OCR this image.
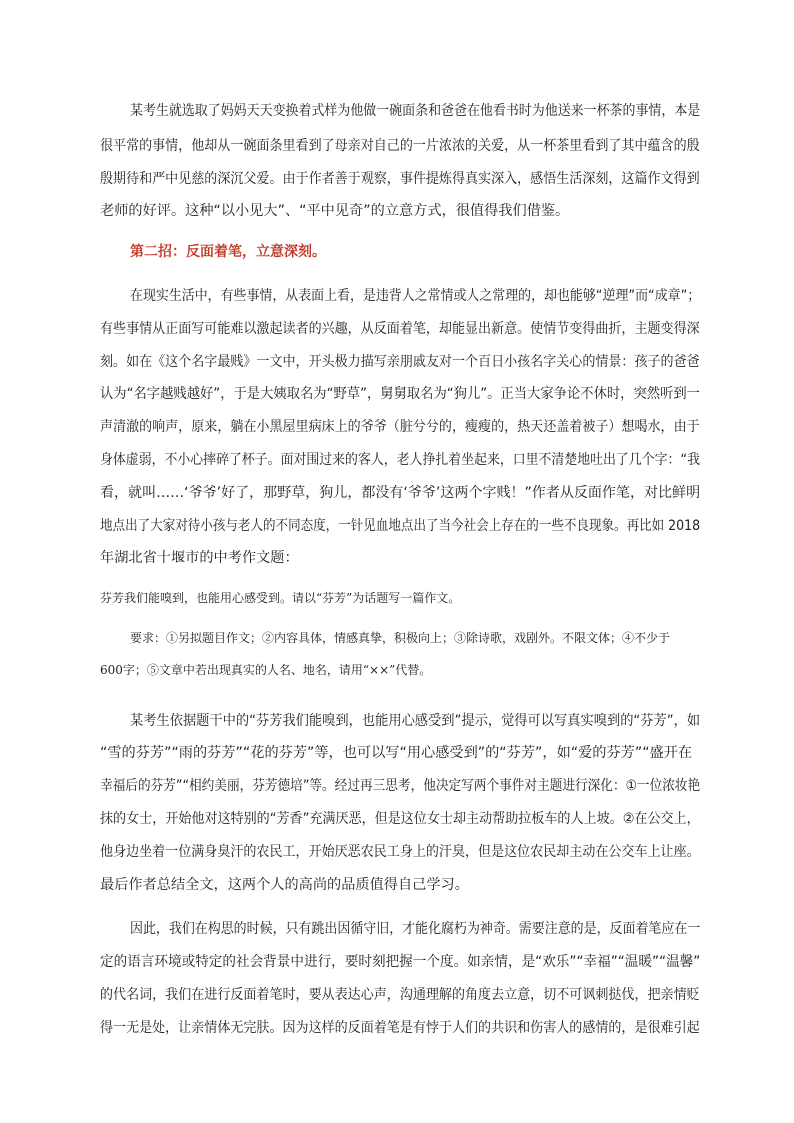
某考生就选取了妈妈天天变换着式样为他做一碗面条和爸爸在他看书时为他送来一杯茶的事情，本是
很平常的事情，他却从一碗面条里看到了母亲对自己的一片浓浓的关爱，从一杯茶里看到了其中蕴含的殷
殷期待和严中见慈的深沉父爱。由于作者善于观察，事件提炼得真实深入，感悟生活深刻，这篇作文得到
老师的好评。这种“以小见大”、“平中见奇”的立意方式，很值得我们借鉴。
第二招：反面着笔，立意深刻。
在现实生活中，有些事情，从表面上看，是违背人之常情或人之常理的，却也能够“逆理”而“成章”；
有些事情从正面写可能难以激起读者的兴趣，从反面着笔，却能显出新意。使情节变得曲折，主题变得深
刻。如在《这个名字最贱》一文中，开头极力描写亲朋戚友对一个百日小孩名字关心的情景：孩子的爸爸
认为“名字越贱越好”，于是大姨取名为“野草”，舅舅取名为“狗儿”。正当大家争论不休时，突然听到一
声清澈的响声，原来，躺在小黑屋里病床上的爷爷（脏兮兮的，瘦瘦的，热天还盖着被子）想喝水，由于
身体虚弱，不小心摔碎了杯子。面对围过来的客人，老人挣扎着坐起来，口里不清楚地吐出了几个字：“我
看，就叫……‘爷爷’好了，那野草，狗儿，都没有‘爷爷’这两个字贱！”作者从反面作笔，对比鲜明
地点出了大家对待小孩与老人的不同态度，一针见血地点出了当今社会上存在的一些不良现象。再比如 2018
年湖北省十堰市的中考作文题：
芬芳我们能嗅到，也能用心感受到。请以“芬芳”为话题写一篇作文。
要求：①另拟题目作文；②内容具体，情感真挚，积极向上；③除诗歌，戏剧外。不限文体；④不少于
600字；⑤文章中若出现真实的人名、地名，请用“××”代替。
某考生依据题干中的“芬芳我们能嗅到，也能用心感受到”提示，觉得可以写真实嗅到的“芬芳”，如
“雪的芬芳”“雨的芬芳”“花的芬芳”等，也可以写“用心感受到”的“芬芳”，如“爱的芬芳”“盛开在
幸福后的芬芳”“相约美丽，芬芳德培”等。经过再三思考，他决定写两个事件对主题进行深化：①一位浓妆艳
抹的女士，开始他对这特别的“芳香”充满厌恶，但是这位女士却主动帮助拉板车的人上坡。②在公交上，
他身边坐着一位满身臭汗的农民工，开始厌恶农民工身上的汗臭，但是这位农民却主动在公交车上让座。
最后作者总结全文，这两个人的高尚的品质值得自己学习。
因此，我们在构思的时候，只有跳出因循守旧，才能化腐朽为神奇。需要注意的是，反面着笔应在一
定的语言环境或特定的社会背景中进行，要时刻把握一个度。如亲情，是“欢乐”“幸福”“温暖”“温馨”
的代名词，我们在进行反面着笔时，要从表达心声，沟通理解的角度去立意，切不可讽刺挞伐，把亲情贬
得一无是处，让亲情体无完肤。因为这样的反面着笔是有悖于人们的共识和伤害人的感情的，是很难引起
